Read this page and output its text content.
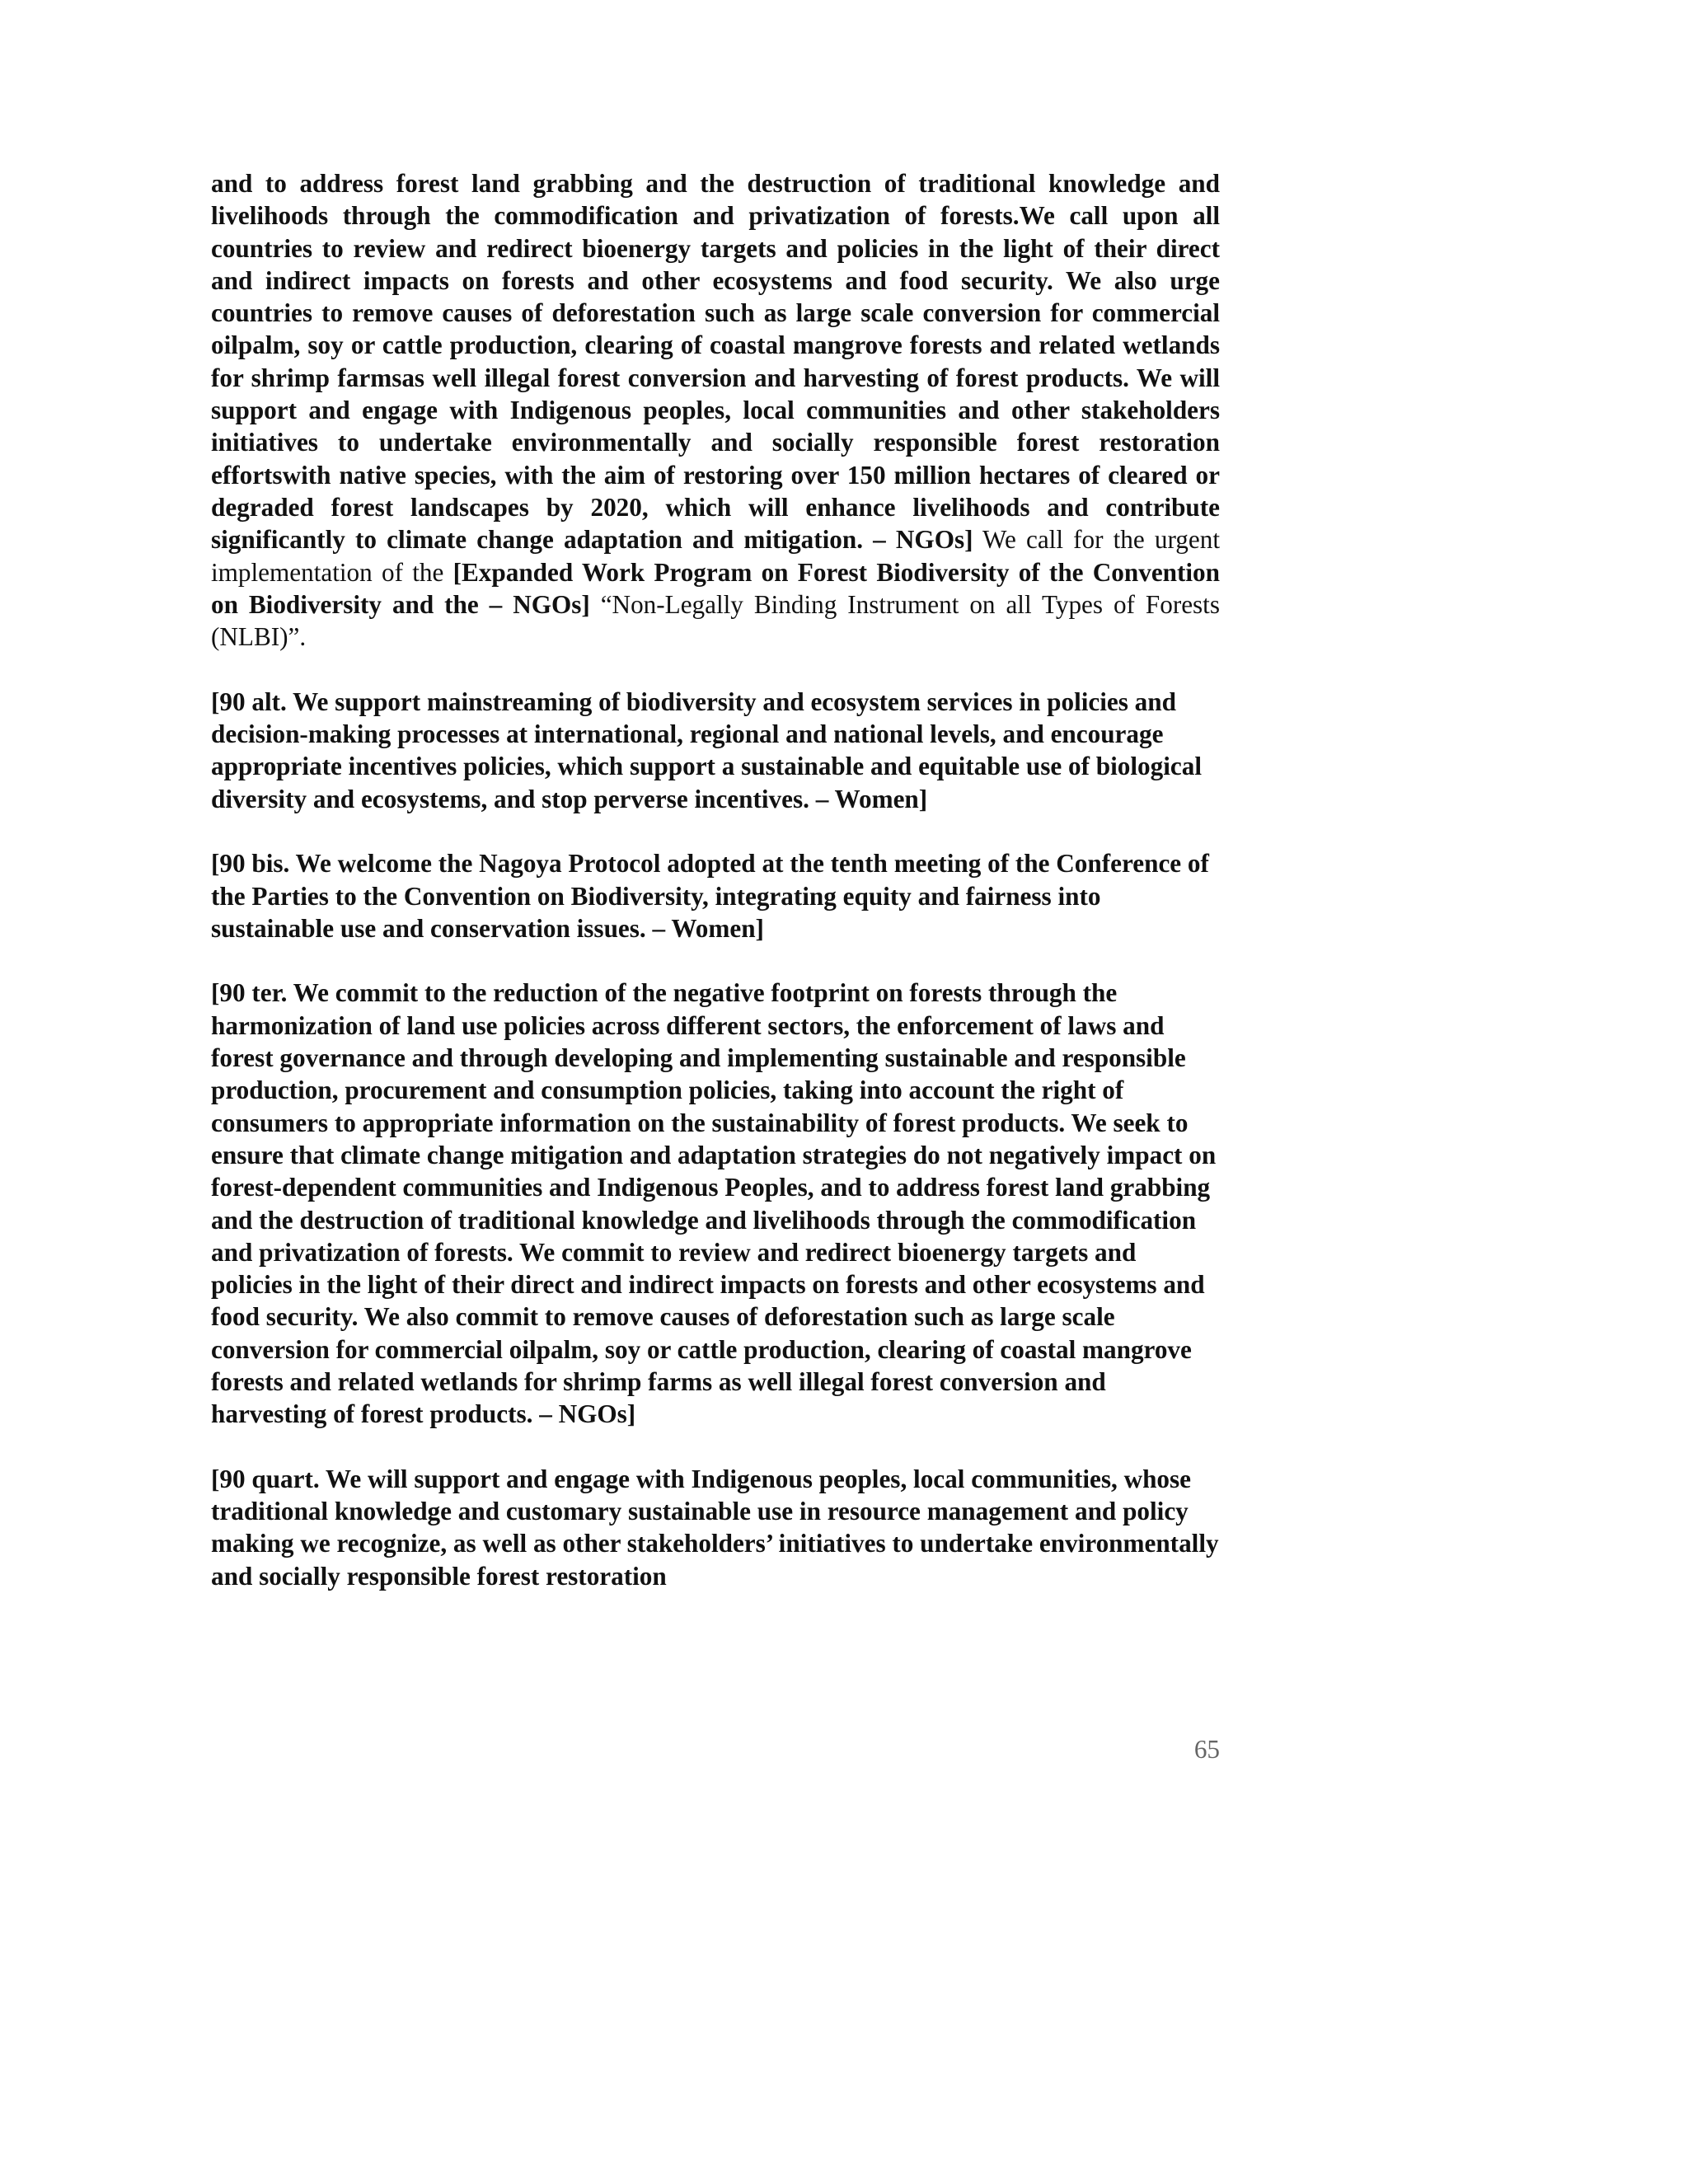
and to address forest land grabbing and the destruction of traditional knowledge and livelihoods through the commodification and privatization of forests.We call upon all countries to review and redirect bioenergy targets and policies in the light of their direct and indirect impacts on forests and other ecosystems and food security. We also urge countries to remove causes of deforestation such as large scale conversion for commercial oilpalm, soy or cattle production, clearing of coastal mangrove forests and related wetlands for shrimp farmsas well illegal forest conversion and harvesting of forest products. We will support and engage with Indigenous peoples, local communities and other stakeholders initiatives to undertake environmentally and socially responsible forest restoration effortswith native species, with the aim of restoring over 150 million hectares of cleared or degraded forest landscapes by 2020, which will enhance livelihoods and contribute significantly to climate change adaptation and mitigation. – NGOs] We call for the urgent implementation of the [Expanded Work Program on Forest Biodiversity of the Convention on Biodiversity and the – NGOs] “Non-Legally Binding Instrument on all Types of Forests (NLBI)”.

[90 alt. We support mainstreaming of biodiversity and ecosystem services in policies and decision-making processes at international, regional and national levels, and encourage appropriate incentives policies, which support a sustainable and equitable use of biological diversity and ecosystems, and stop perverse incentives. – Women]

[90 bis. We welcome the Nagoya Protocol adopted at the tenth meeting of the Conference of the Parties to the Convention on Biodiversity, integrating equity and fairness into sustainable use and conservation issues. – Women]

[90 ter. We commit to the reduction of the negative footprint on forests through the harmonization of land use policies across different sectors, the enforcement of laws and forest governance and through developing and implementing sustainable and responsible production, procurement and consumption policies, taking into account the right of consumers to appropriate information on the sustainability of forest products. We seek to ensure that climate change mitigation and adaptation strategies do not negatively impact on forest-dependent communities and Indigenous Peoples, and to address forest land grabbing and the destruction of traditional knowledge and livelihoods through the commodification and privatization of forests. We commit to review and redirect bioenergy targets and policies in the light of their direct and indirect impacts on forests and other ecosystems and food security. We also commit to remove causes of deforestation such as large scale conversion for commercial oilpalm, soy or cattle production, clearing of coastal mangrove forests and related wetlands for shrimp farms as well illegal forest conversion and harvesting of forest products. – NGOs]

[90 quart. We will support and engage with Indigenous peoples, local communities, whose traditional knowledge and customary sustainable use in resource management and policy making we recognize, as well as other stakeholders’ initiatives to undertake environmentally and socially responsible forest restoration

65
